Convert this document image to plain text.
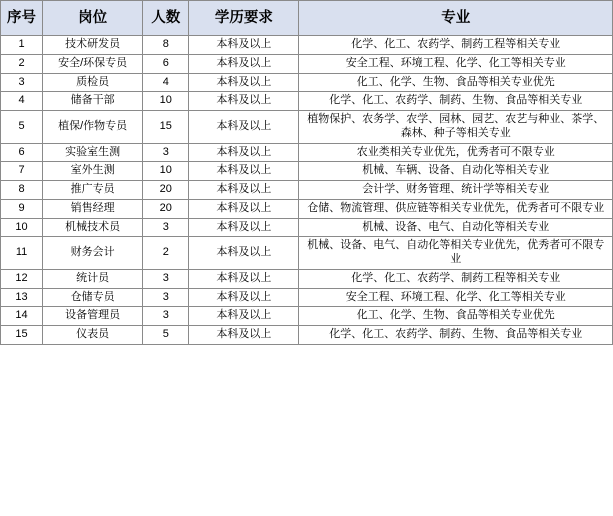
序号	岗位	人数	学历要求	专业
1	技术研发员	8	本科及以上	化学、化工、农药学、制药工程等相关专业
2	安全/环保专员	6	本科及以上	安全工程、环境工程、化学、化工等相关专业
3	质检员	4	本科及以上	化工、化学、生物、食品等相关专业优先
4	储备干部	10	本科及以上	化学、化工、农药学、制药、生物、食品等相关专业
5	植保/作物专员	15	本科及以上	植物保护、农务学、农学、园林、园艺、农艺与种业、茶学、森林、种子等相关专业
6	实验室生测	3	本科及以上	农业类相关专业优先，优秀者可不限专业
7	室外生测	10	本科及以上	机械、车辆、设备、自动化等相关专业
8	推广专员	20	本科及以上	会计学、财务管理、统计学等相关专业
9	销售经理	20	本科及以上	仓储、物流管理、供应链等相关专业优先，优秀者可不限专业
10	机械技术员	3	本科及以上	机械、设备、电气、自动化等相关专业
11	财务会计	2	本科及以上	机械、设备、电气、自动化等相关专业优先，优秀者可不限专业
12	统计员	3	本科及以上	化学、化工、农药学、制药工程等相关专业
13	仓储专员	3	本科及以上	安全工程、环境工程、化学、化工等相关专业
14	设备管理员	3	本科及以上	化工、化学、生物、食品等相关专业优先
15	仪表员	5	本科及以上	化学、化工、农药学、制药、生物、食品等相关专业
